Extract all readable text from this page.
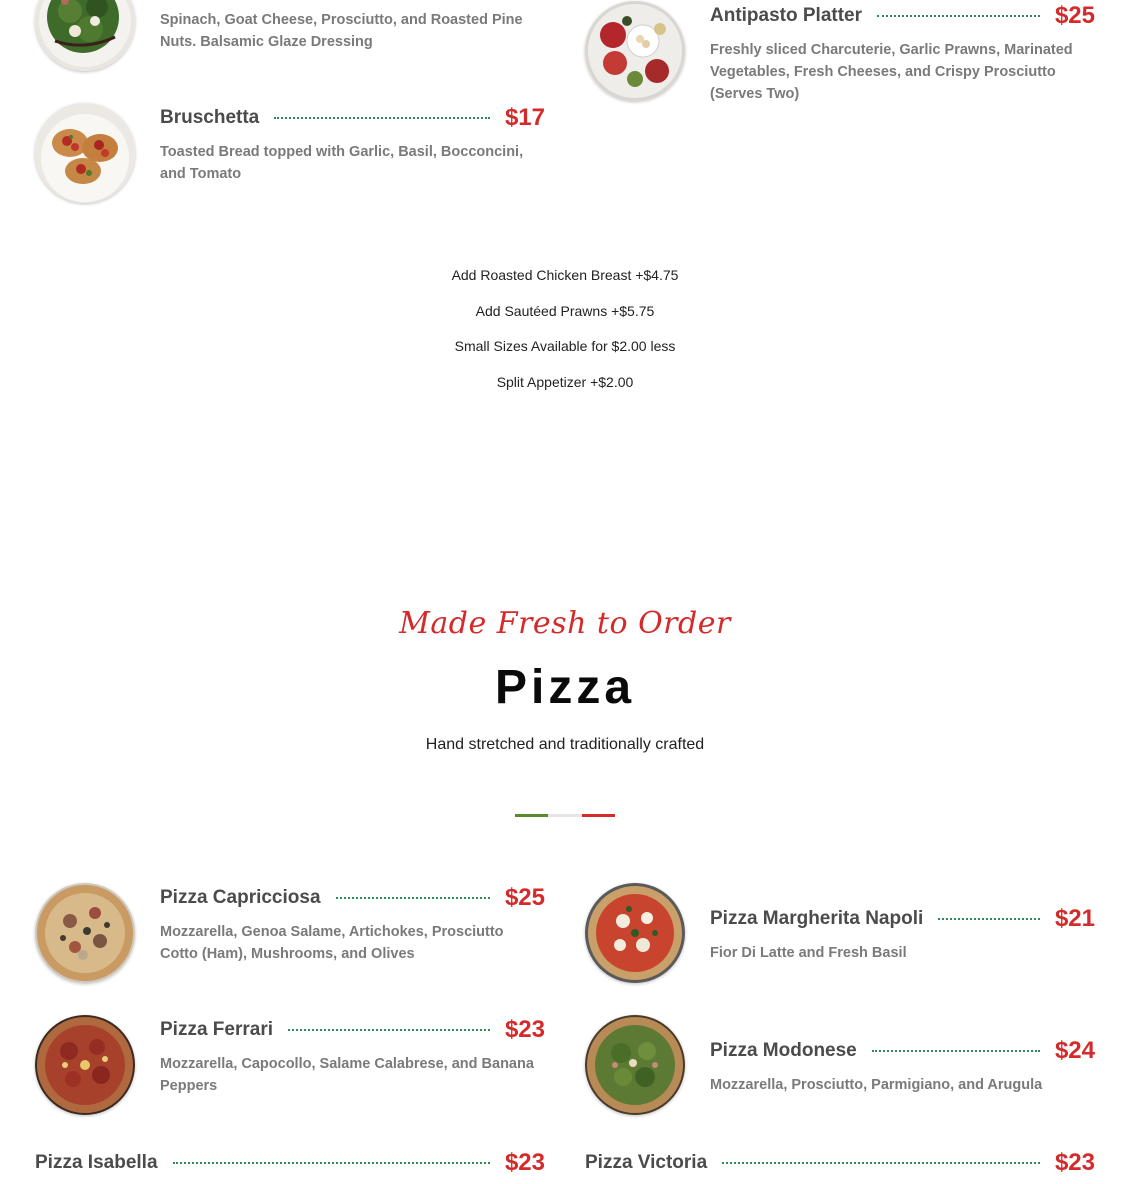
Spinach, Goat Cheese, Prosciutto, and Roasted Pine Nuts. Balsamic Glaze Dressing
Antipasto Platter	$25
Freshly sliced Charcuterie, Garlic Prawns, Marinated Vegetables, Fresh Cheeses, and Crispy Prosciutto (Serves Two)
Bruschetta	$17
Toasted Bread topped with Garlic, Basil, Bocconcini, and Tomato
Add Roasted Chicken Breast +$4.75
Add Sautéed Prawns +$5.75
Small Sizes Available for $2.00 less
Split Appetizer +$2.00
Made Fresh to Order
Pizza
Hand stretched and traditionally crafted
Pizza Capricciosa	$25
Mozzarella, Genoa Salame, Artichokes, Prosciutto Cotto (Ham), Mushrooms, and Olives
Pizza Margherita Napoli	$21
Fior Di Latte and Fresh Basil
Pizza Ferrari	$23
Mozzarella, Capocollo, Salame Calabrese, and Banana Peppers
Pizza Modonese	$24
Mozzarella, Prosciutto, Parmigiano, and Arugula
Pizza Isabella	$23 Pizza Victoria	$23
